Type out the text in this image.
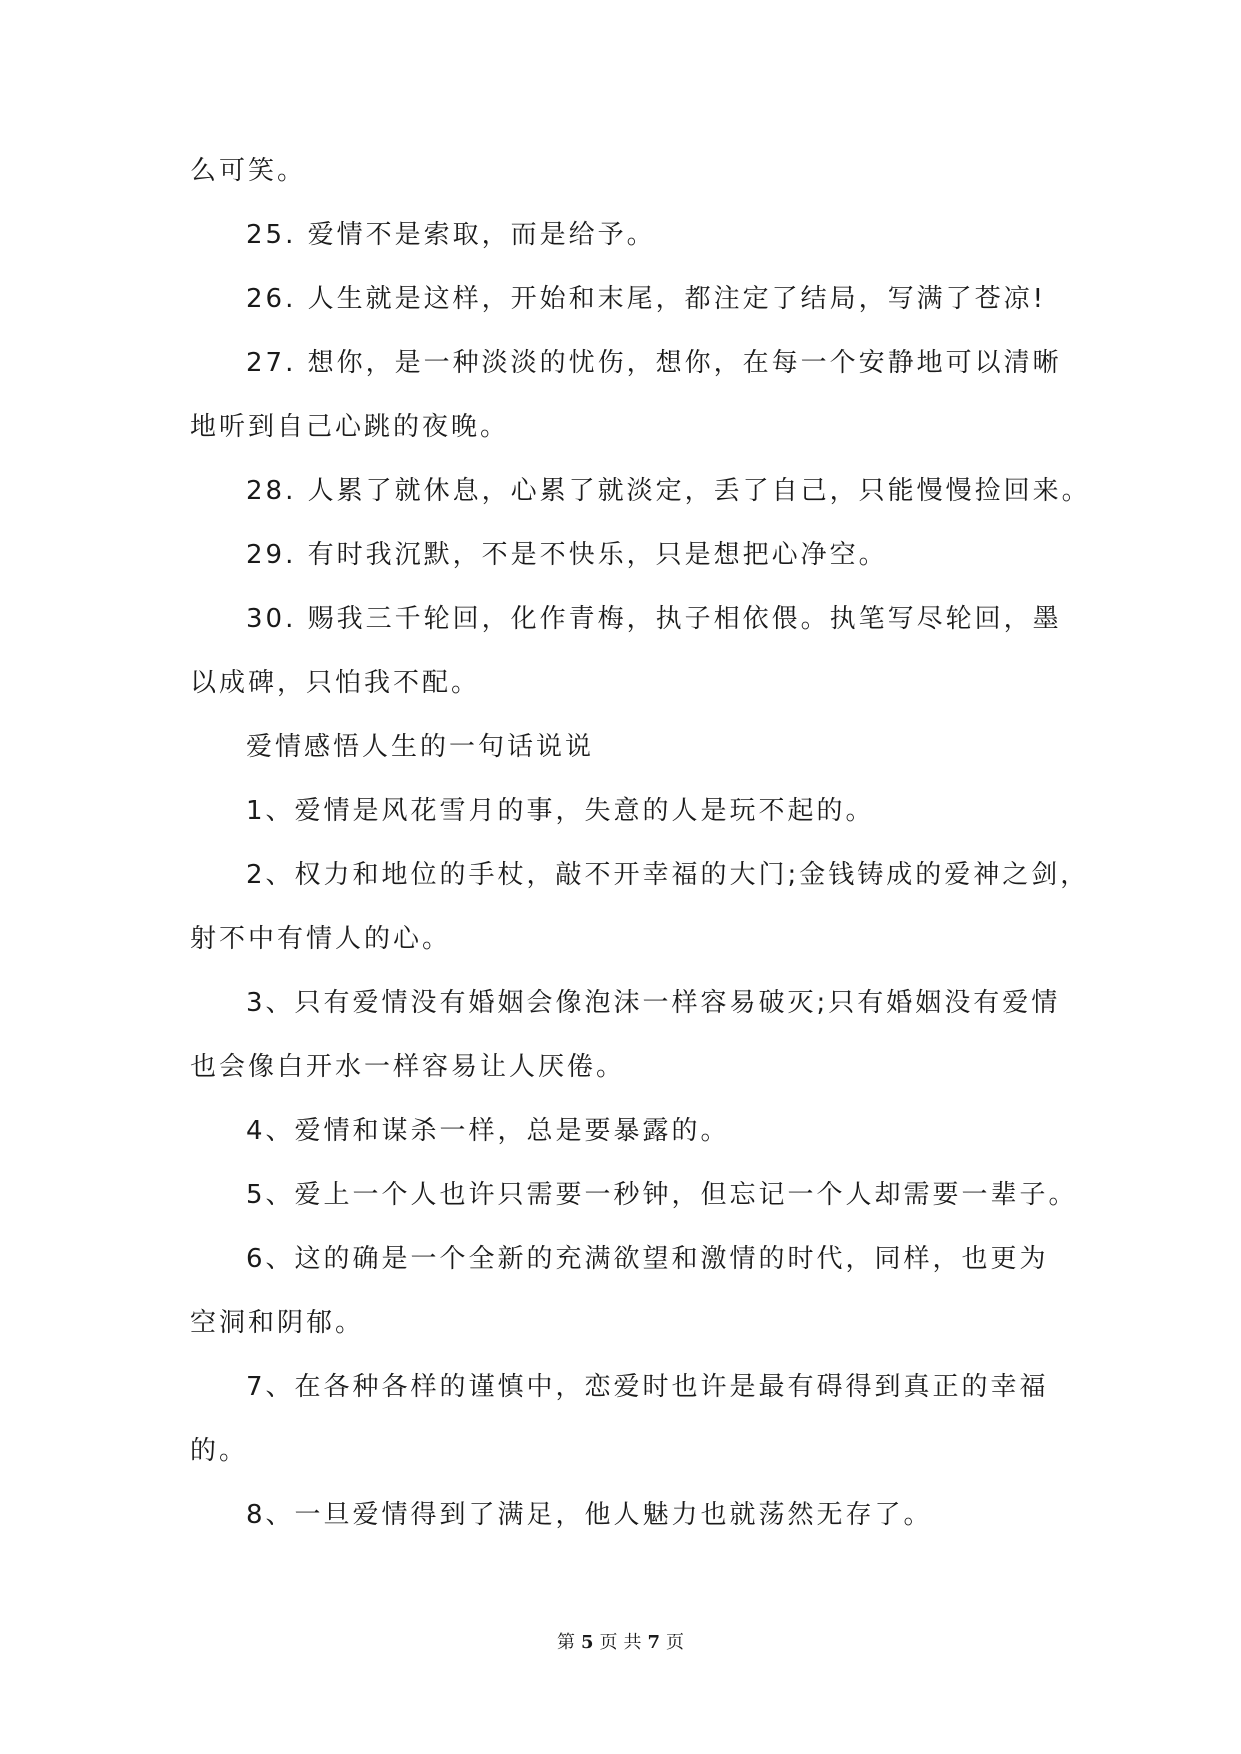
么可笑。
25. 爱情不是索取，而是给予。
26. 人生就是这样，开始和末尾，都注定了结局，写满了苍凉!
27. 想你，是一种淡淡的忧伤，想你，在每一个安静地可以清晰
地听到自己心跳的夜晚。
28. 人累了就休息，心累了就淡定，丢了自己，只能慢慢捡回来。
29. 有时我沉默，不是不快乐，只是想把心净空。
30. 赐我三千轮回，化作青梅，执子相依偎。执笔写尽轮回，墨
以成碑，只怕我不配。
爱情感悟人生的一句话说说
1、爱情是风花雪月的事，失意的人是玩不起的。
2、权力和地位的手杖，敲不开幸福的大门;金钱铸成的爱神之剑，
射不中有情人的心。
3、只有爱情没有婚姻会像泡沫一样容易破灭;只有婚姻没有爱情
也会像白开水一样容易让人厌倦。
4、爱情和谋杀一样，总是要暴露的。
5、爱上一个人也许只需要一秒钟，但忘记一个人却需要一辈子。
6、这的确是一个全新的充满欲望和激情的时代，同样，也更为
空洞和阴郁。
7、在各种各样的谨慎中，恋爱时也许是最有碍得到真正的幸福
的。
8、一旦爱情得到了满足，他人魅力也就荡然无存了。
第 5 页 共 7 页
